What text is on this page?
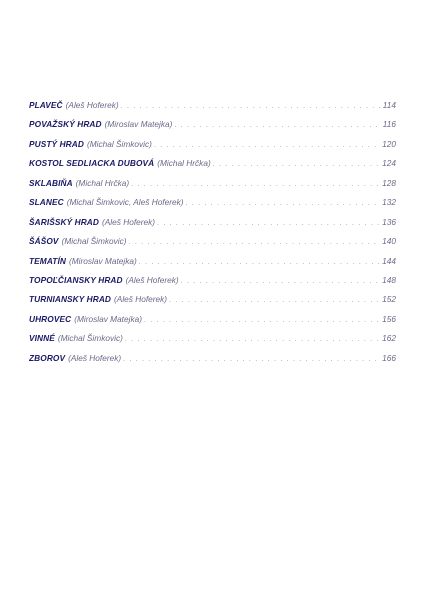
PLAVEČ (Aleš Hoferek) . . .	114
POVAŽSKÝ HRAD (Miroslav Matejka) . . .	116
PUSTÝ HRAD (Michal Šimkovic) . . .	120
KOSTOL SEDLIACKA DUBOVÁ (Michal Hrčka) . . .	124
SKLABIŇA (Michal Hrčka) . . .	128
SLANEC (Michal Šimkovic, Aleš Hoferek) . . .	132
ŠARIŠSKÝ HRAD (Aleš Hoferek) . . .	136
ŠÁŠOV (Michal Šimkovic) . . .	140
TEMATÍN (Miroslav Matejka) . . .	144
TOPOĽČIANSKY HRAD (Aleš Hoferek) . . .	148
TURNIANSKY HRAD (Aleš Hoferek) . . .	152
UHROVEC (Miroslav Matejka) . . .	156
VINNÉ (Michal Šimkovic) . . .	162
ZBOROV (Aleš Hoferek) . . .	166
